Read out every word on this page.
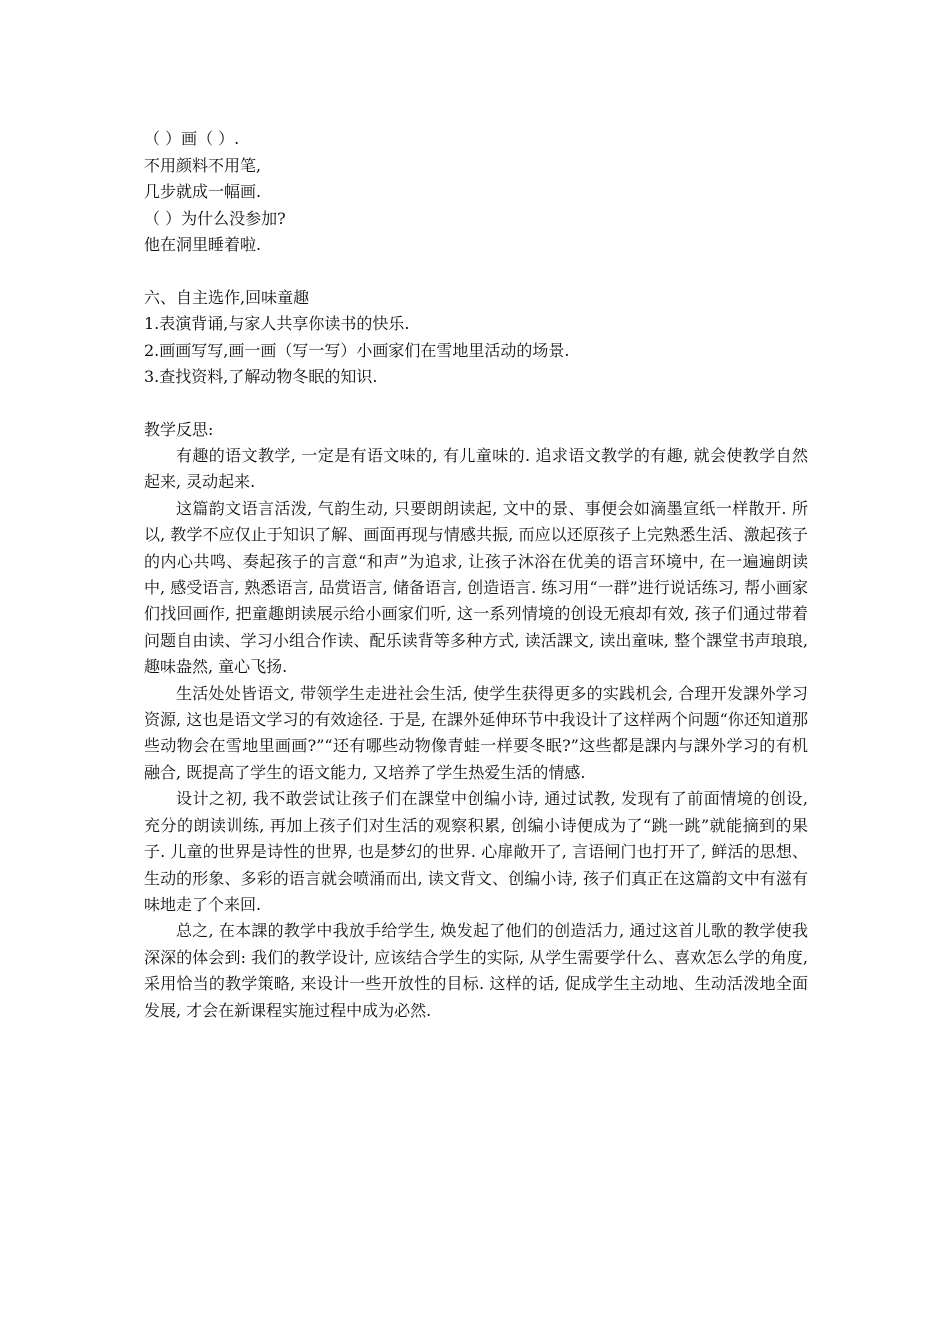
（ ）画（ ）.

不用颜料不用笔,

几步就成一幅画.

（ ）为什么没参加?

他在洞里睡着啦.

六、自主选作,回味童趣

1.表演背诵,与家人共享你读书的快乐.

2.画画写写,画一画（写一写）小画家们在雪地里活动的场景.

3.查找资料,了解动物冬眠的知识.

教学反思:

有趣的语文教学, 一定是有语文味的, 有儿童味的. 追求语文教学的有趣, 就会使教学自然起来, 灵动起来.

这篇韵文语言活泼, 气韵生动, 只要朗朗读起, 文中的景、事便会如滴墨宣纸一样散开. 所以, 教学不应仅止于知识了解、画面再现与情感共振, 而应以还原孩子上完熟悉生活、激起孩子的内心共鸣、奏起孩子的言意“和声”为追求, 让孩子沐浴在优美的语言环境中, 在一遍遍朗读中, 感受语言, 熟悉语言, 品赏语言, 储备语言, 创造语言. 练习用“一群”进行说话练习, 帮小画家们找回画作, 把童趣朗读展示给小画家们听, 这一系列情境的创设无痕却有效, 孩子们通过带着问题自由读、学习小组合作读、配乐读背等多种方式, 读活課文, 读出童味, 整个課堂书声琅琅, 趣味盎然, 童心飞扬.

生活处处皆语文, 带领学生走进社会生活, 使学生获得更多的实践机会, 合理开发課外学习资源, 这也是语文学习的有效途径. 于是, 在課外延伸环节中我设计了这样两个问题“你还知道那些动物会在雪地里画画?”“还有哪些动物像青蛙一样要冬眠?”这些都是課内与課外学习的有机融合, 既提高了学生的语文能力, 又培养了学生热爱生活的情感.

设计之初, 我不敢尝试让孩子们在課堂中创编小诗, 通过试教, 发现有了前面情境的创设, 充分的朗读训练, 再加上孩子们对生活的观察积累, 创编小诗便成为了“跳一跳”就能摘到的果子. 儿童的世界是诗性的世界, 也是梦幻的世界. 心扉敞开了, 言语闸门也打开了, 鲜活的思想、生动的形象、多彩的语言就会喷涌而出, 读文背文、创编小诗, 孩子们真正在这篇韵文中有滋有味地走了个来回.

总之, 在本課的教学中我放手给学生, 焕发起了他们的创造活力, 通过这首儿歌的教学使我深深的体会到: 我们的教学设计, 应该结合学生的实际, 从学生需要学什么、喜欢怎么学的角度, 采用恰当的教学策略, 来设计一些开放性的目标. 这样的话, 促成学生主动地、生动活泼地全面发展, 才会在新课程实施过程中成为必然.
